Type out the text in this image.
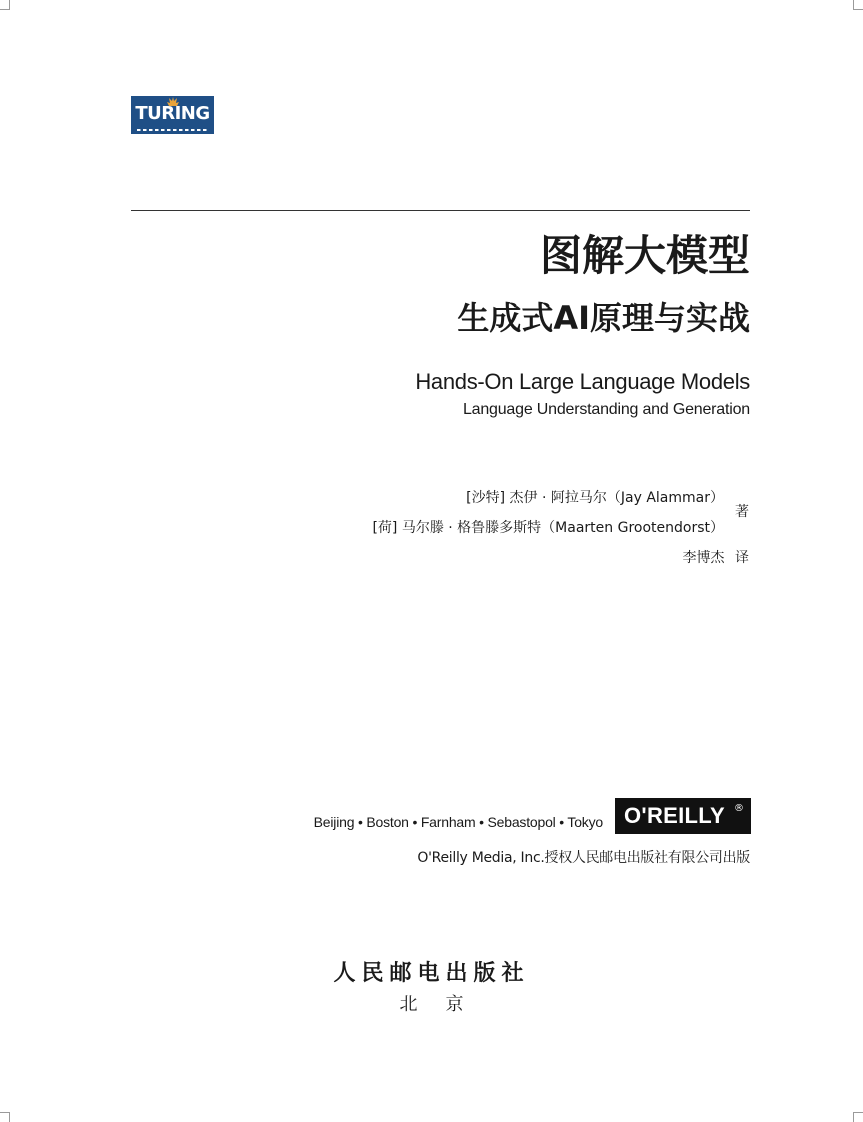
TURING
图解大模型
生成式AI原理与实战

Hands-On Large Language Models

Language Understanding and Generation

[沙特] 杰伊 · 阿拉马尔（Jay Alammar）

[荷] 马尔滕 · 格鲁滕多斯特（Maarten Grootendorst）

著

李博杰 译

Beijing • Boston • Farnham • Sebastopol • Tokyo O'REILLY ®

O'Reilly Media, Inc.授权人民邮电出版社有限公司出版

人民邮电出版社

北京
